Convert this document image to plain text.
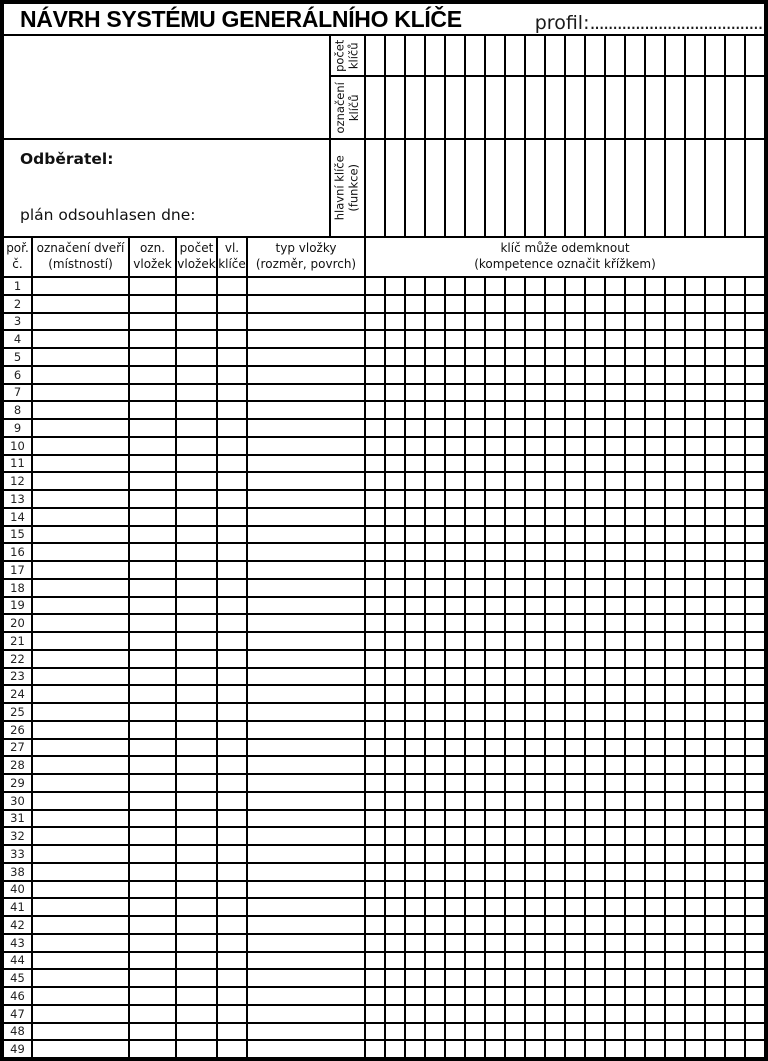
NÁVRH SYSTÉMU GENERÁLNÍHO KLÍČE	profil:......................................
Odběratel:
plán odsouhlasen dne:
počet klíčů
označení klíčů
hlavní klíče (funkce)
poř.
č.
označení dveří
(místností)
ozn.
vložek
počet
vložek
vl.
klíče
typ vložky
(rozměr, povrch)
klíč může odemknout
(kompetence označit křížkem)
1
2
3
4
5
6
7
8
9
10
11
12
13
14
15
16
17
18
19
20
21
22
23
24
25
26
27
28
29
30
31
32
33
38
40
41
42
43
44
45
46
47
48
49
